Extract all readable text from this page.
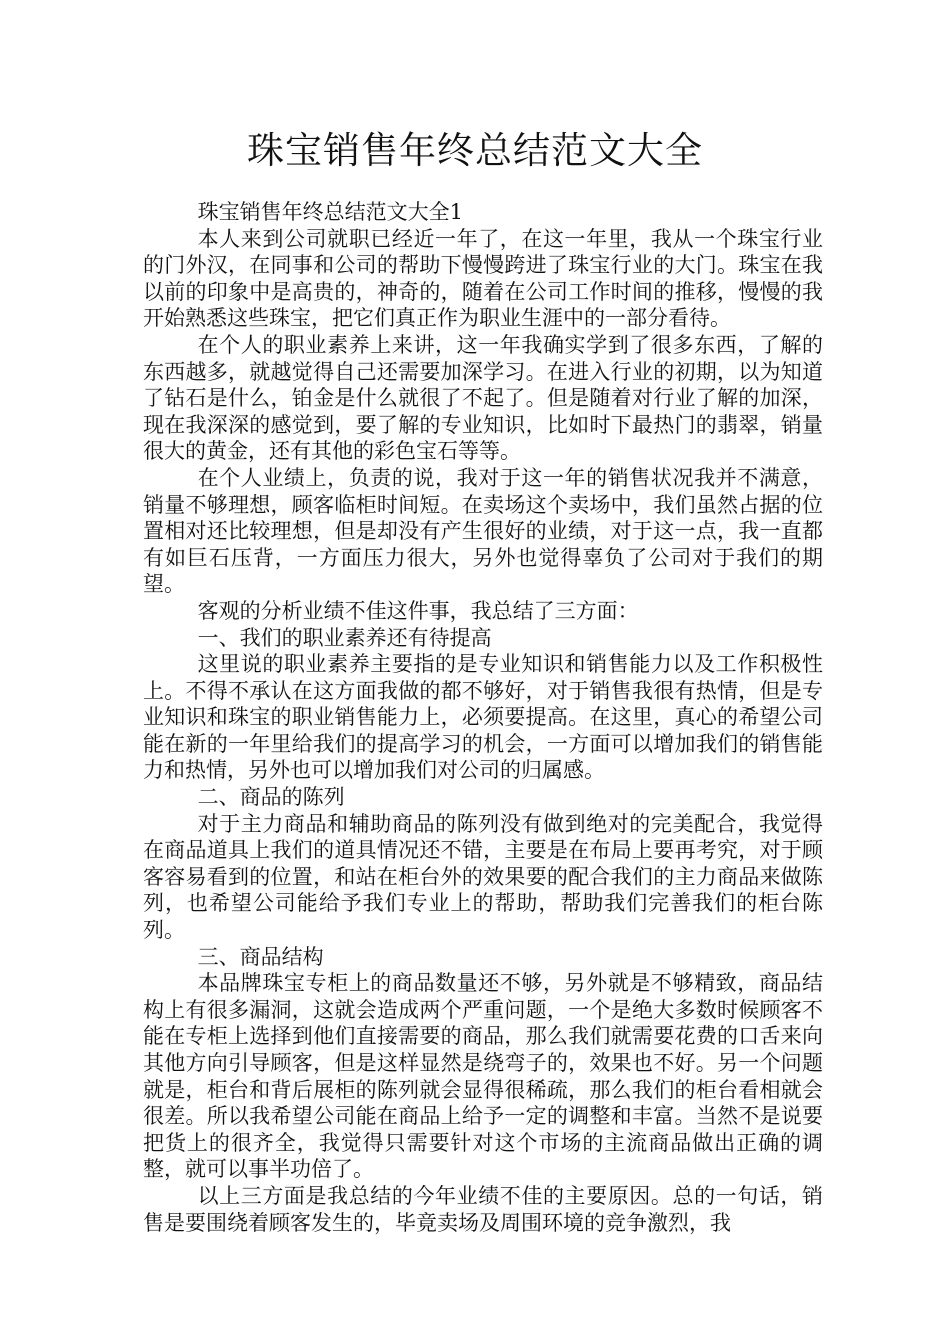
珠宝销售年终总结范文大全

珠宝销售年终总结范文大全1

本人来到公司就职已经近一年了，在这一年里，我从一个珠宝行业的门外汉，在同事和公司的帮助下慢慢跨进了珠宝行业的大门。珠宝在我以前的印象中是高贵的，神奇的，随着在公司工作时间的推移，慢慢的我开始熟悉这些珠宝，把它们真正作为职业生涯中的一部分看待。

在个人的职业素养上来讲，这一年我确实学到了很多东西，了解的东西越多，就越觉得自己还需要加深学习。在进入行业的初期，以为知道了钻石是什么，铂金是什么就很了不起了。但是随着对行业了解的加深，现在我深深的感觉到，要了解的专业知识，比如时下最热门的翡翠，销量很大的黄金，还有其他的彩色宝石等等。

在个人业绩上，负责的说，我对于这一年的销售状况我并不满意，销量不够理想，顾客临柜时间短。在卖场这个卖场中，我们虽然占据的位置相对还比较理想，但是却没有产生很好的业绩，对于这一点，我一直都有如巨石压背，一方面压力很大，另外也觉得辜负了公司对于我们的期望。

客观的分析业绩不佳这件事，我总结了三方面：

一、我们的职业素养还有待提高

这里说的职业素养主要指的是专业知识和销售能力以及工作积极性上。不得不承认在这方面我做的都不够好，对于销售我很有热情，但是专业知识和珠宝的职业销售能力上，必须要提高。在这里，真心的希望公司能在新的一年里给我们的提高学习的机会，一方面可以增加我们的销售能力和热情，另外也可以增加我们对公司的归属感。

二、商品的陈列

对于主力商品和辅助商品的陈列没有做到绝对的完美配合，我觉得在商品道具上我们的道具情况还不错，主要是在布局上要再考究，对于顾客容易看到的位置，和站在柜台外的效果要的配合我们的主力商品来做陈列，也希望公司能给予我们专业上的帮助，帮助我们完善我们的柜台陈列。

三、商品结构

本品牌珠宝专柜上的商品数量还不够，另外就是不够精致，商品结构上有很多漏洞，这就会造成两个严重问题，一个是绝大多数时候顾客不能在专柜上选择到他们直接需要的商品，那么我们就需要花费的口舌来向其他方向引导顾客，但是这样显然是绕弯子的，效果也不好。另一个问题就是，柜台和背后展柜的陈列就会显得很稀疏，那么我们的柜台看相就会很差。所以我希望公司能在商品上给予一定的调整和丰富。当然不是说要把货上的很齐全，我觉得只需要针对这个市场的主流商品做出正确的调整，就可以事半功倍了。

以上三方面是我总结的今年业绩不佳的主要原因。总的一句话，销售是要围绕着顾客发生的，毕竟卖场及周围环境的竞争激烈，我
